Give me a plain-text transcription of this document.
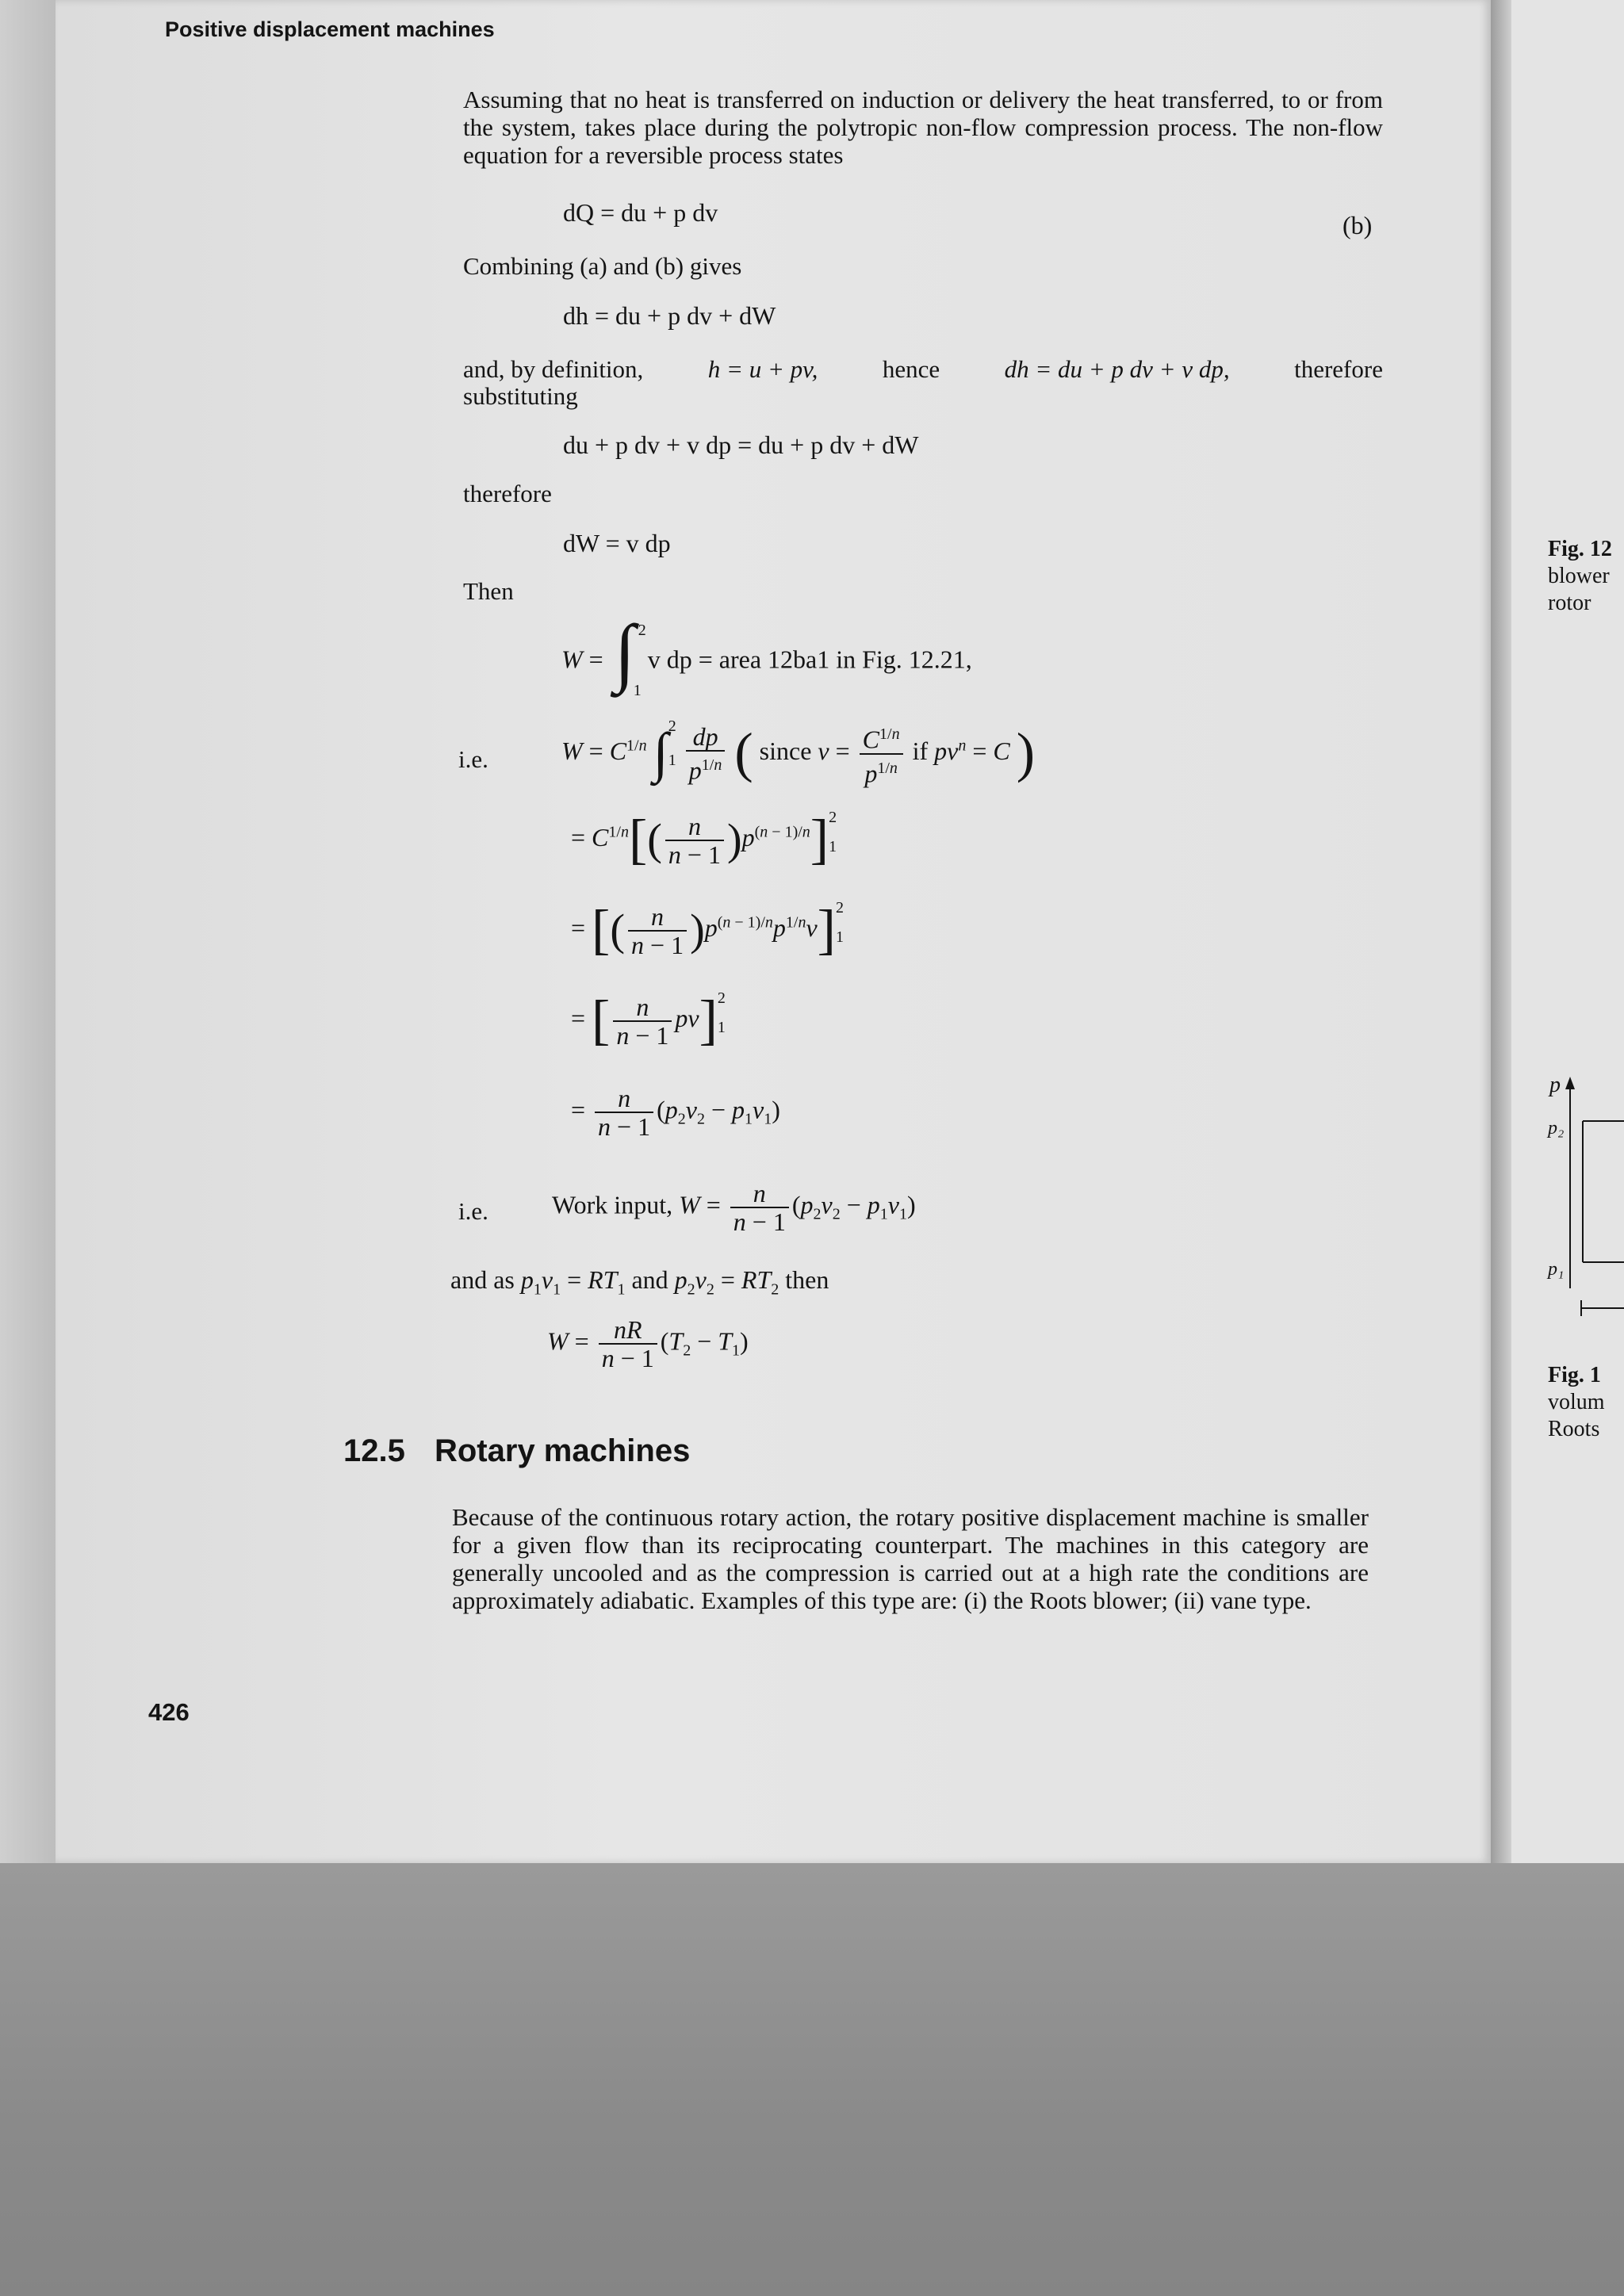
Positive displacement machines
Assuming that no heat is transferred on induction or delivery the heat transferred, to or from the system, takes place during the polytropic non-flow compression process. The non-flow equation for a reversible process states
dQ = du + p dv	(b)
Combining (a) and (b) gives
dh = du + p dv + dW
and, by definition,	h = u + pv,	hence	dh = du + p dv + v dp,	therefore
substituting
du + p dv + v dp = du + p dv + dW
therefore
dW = v dp
Then
W = ∫ 2
1
v dp = area 12ba1 in Fig. 12.21,
i.e.	$W = C^{1/n}$ $\int^2_1 \frac{dp}{p^{1/n}}$ ( since $v = \frac{C^{1/n}}{p^{1/n}}$ if $pv^n = C$ )
= $C^{1/n}[( \frac{n}{n - 1} )p^{(n - 1)/n}]^2_1$
= [( $\frac{n}{n - 1} )p^{(n - 1)/n}p^{1/n}v]^2_1$
= [ $\frac{n}{n - 1} pv]^2_1$
= $\frac{n}{n - 1} (p_2v_2 - p_1v_1)$
i.e.	Work input, $W = \frac{n}{n - 1} (p_2v_2 - p_1v_1)$
and as $p_1v_1 = RT_1$ and $p_2v_2 = RT_2$ then
$W = \frac{nR}{n - 1} (T_2 - T_1)$
12.5 Rotary machines
Because of the continuous rotary action, the rotary positive displacement machine is smaller for a given flow than its reciprocating counterpart. The machines in this category are generally uncooled and as the compression is carried out at a high rate the conditions are approximately adiabatic. Examples of this type are: (i) the Roots blower; (ii) vane type.
426
Fig. 12
blower
rotor
p
p₂
p₁
Fig. 1
volum
Roots
